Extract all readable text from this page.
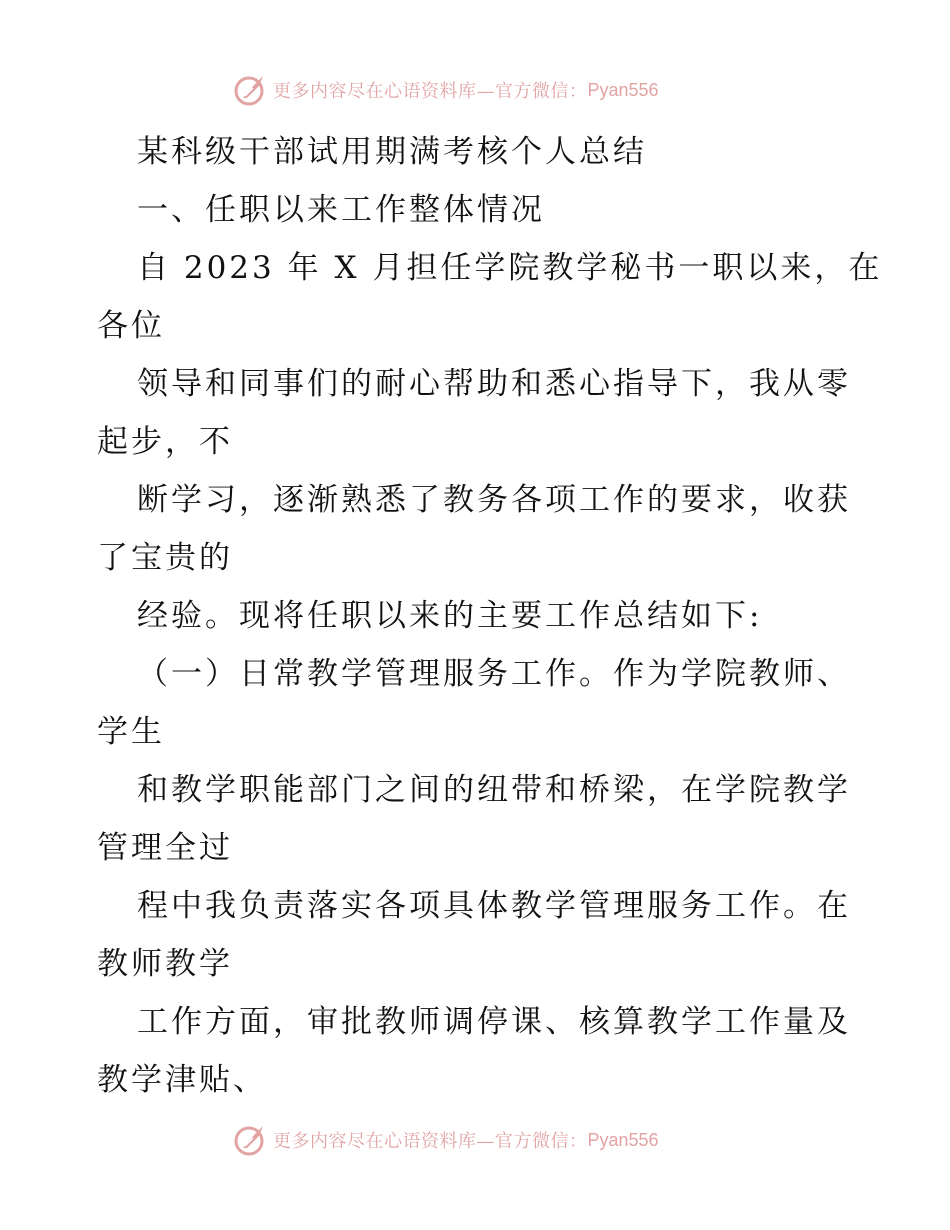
更多内容尽在心语资料库—官方微信： Pyan556
某科级干部试用期满考核个人总结
一、任职以来工作整体情况
自 2023 年 X 月担任学院教学秘书一职以来，在
各位
领导和同事们的耐心帮助和悉心指导下，我从零
起步，不
断学习，逐渐熟悉了教务各项工作的要求，收获
了宝贵的
经验。现将任职以来的主要工作总结如下:
（一）日常教学管理服务工作。作为学院教师、
学生
和教学职能部门之间的纽带和桥梁，在学院教学
管理全过
程中我负责落实各项具体教学管理服务工作。在
教师教学
工作方面，审批教师调停课、核算教学工作量及
教学津贴、
更多内容尽在心语资料库—官方微信： Pyan556
